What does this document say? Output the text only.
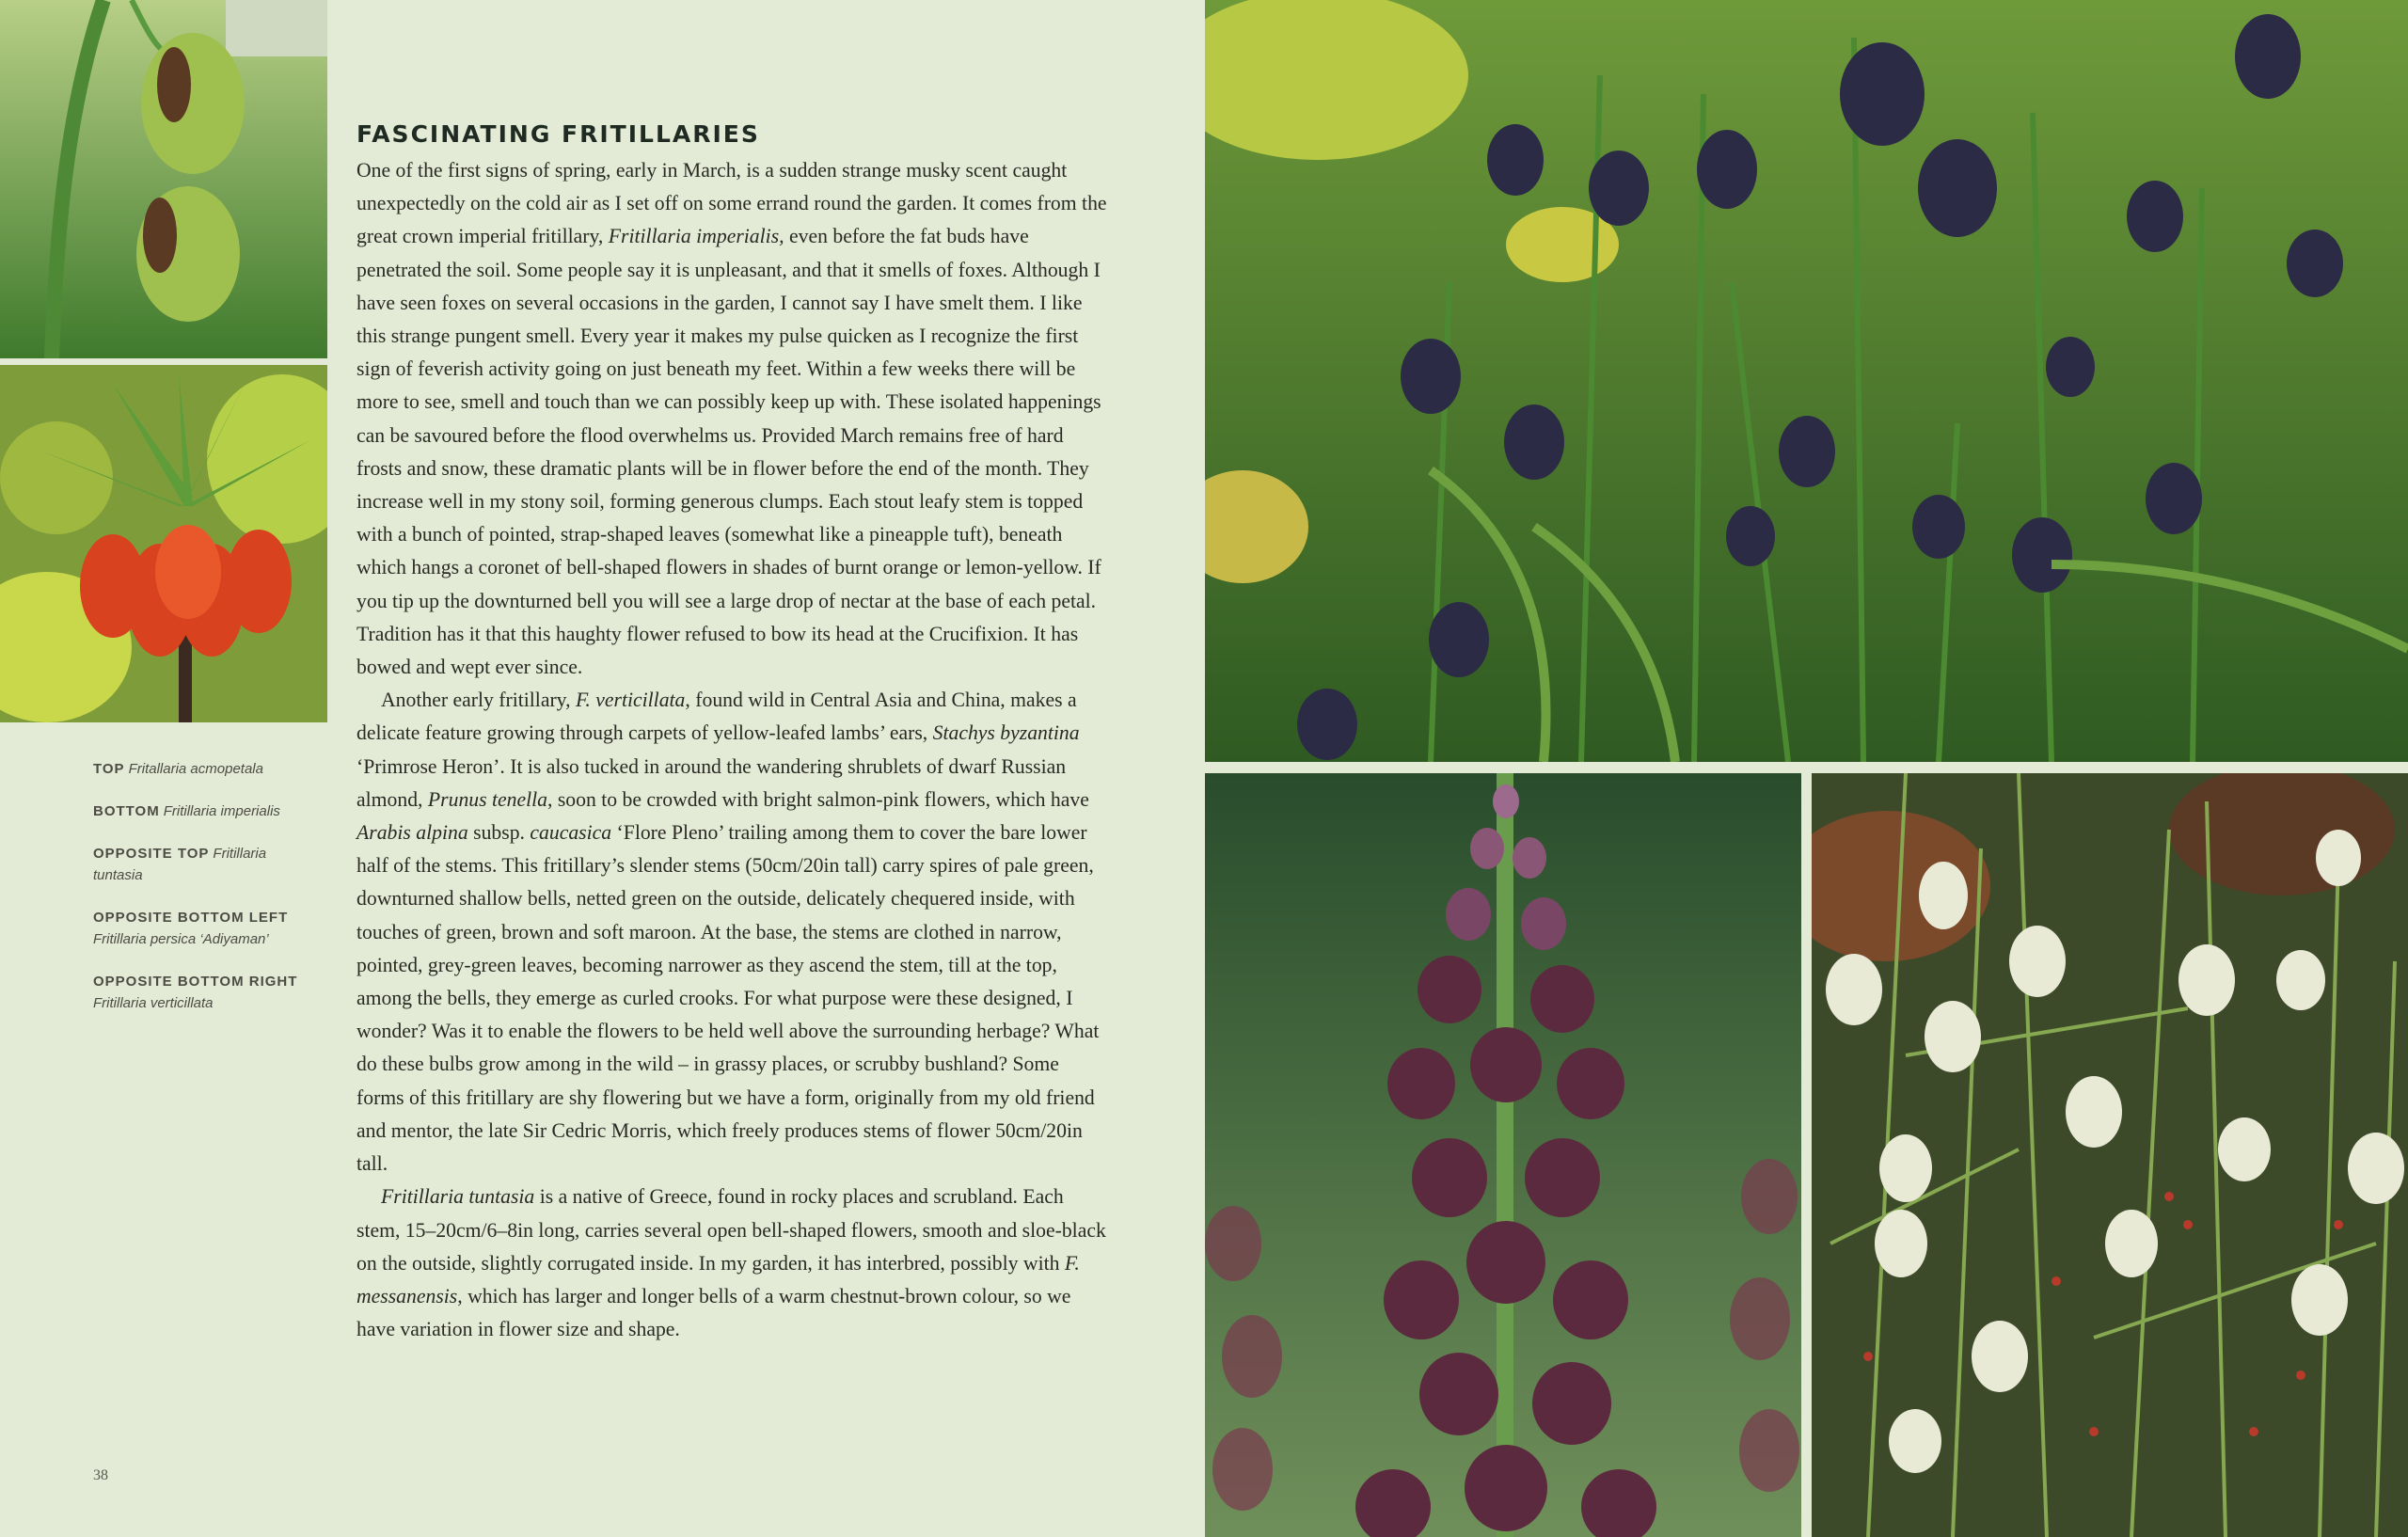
TOP Fritallaria acmopetala
BOTTOM Fritillaria imperialis
OPPOSITE TOP Fritillaria tuntasia
OPPOSITE BOTTOM LEFT
Fritillaria persica ‘Adiyaman’
OPPOSITE BOTTOM RIGHT
Fritillaria verticillata
FASCINATING FRITILLARIES

One of the first signs of spring, early in March, is a sudden strange musky scent caught unexpectedly on the cold air as I set off on some errand round the garden. It comes from the great crown imperial fritillary, Fritillaria imperialis, even before the fat buds have penetrated the soil. Some people say it is unpleasant, and that it smells of foxes. Although I have seen foxes on several occasions in the garden, I cannot say I have smelt them. I like this strange pungent smell. Every year it makes my pulse quicken as I recognize the first sign of feverish activity going on just beneath my feet. Within a few weeks there will be more to see, smell and touch than we can possibly keep up with. These isolated happenings can be savoured before the flood overwhelms us. Provided March remains free of hard frosts and snow, these dramatic plants will be in flower before the end of the month. They increase well in my stony soil, forming generous clumps. Each stout leafy stem is topped with a bunch of pointed, strap-shaped leaves (somewhat like a pineapple tuft), beneath which hangs a coronet of bell-shaped flowers in shades of burnt orange or lemon-yellow. If you tip up the downturned bell you will see a large drop of nectar at the base of each petal. Tradition has it that this haughty flower refused to bow its head at the Crucifixion. It has bowed and wept ever since.

Another early fritillary, F. verticillata, found wild in Central Asia and China, makes a delicate feature growing through carpets of yellow-leafed lambs’ ears, Stachys byzantina ‘Primrose Heron’. It is also tucked in around the wandering shrublets of dwarf Russian almond, Prunus tenella, soon to be crowded with bright salmon-pink flowers, which have Arabis alpina subsp. caucasica ‘Flore Pleno’ trailing among them to cover the bare lower half of the stems. This fritillary’s slender stems (50cm/20in tall) carry spires of pale green, downturned shallow bells, netted green on the outside, delicately chequered inside, with touches of green, brown and soft maroon. At the base, the stems are clothed in narrow, pointed, grey-green leaves, becoming narrower as they ascend the stem, till at the top, among the bells, they emerge as curled crooks. For what purpose were these designed, I wonder? Was it to enable the flowers to be held well above the surrounding herbage? What do these bulbs grow among in the wild – in grassy places, or scrubby bushland? Some forms of this fritillary are shy flowering but we have a form, originally from my old friend and mentor, the late Sir Cedric Morris, which freely produces stems of flower 50cm/20in tall.

Fritillaria tuntasia is a native of Greece, found in rocky places and scrubland. Each stem, 15–20cm/6–8in long, carries several open bell-shaped flowers, smooth and sloe-black on the outside, slightly corrugated inside. In my garden, it has interbred, possibly with F. messanensis, which has larger and longer bells of a warm chestnut-brown colour, so we have variation in flower size and shape.

38
